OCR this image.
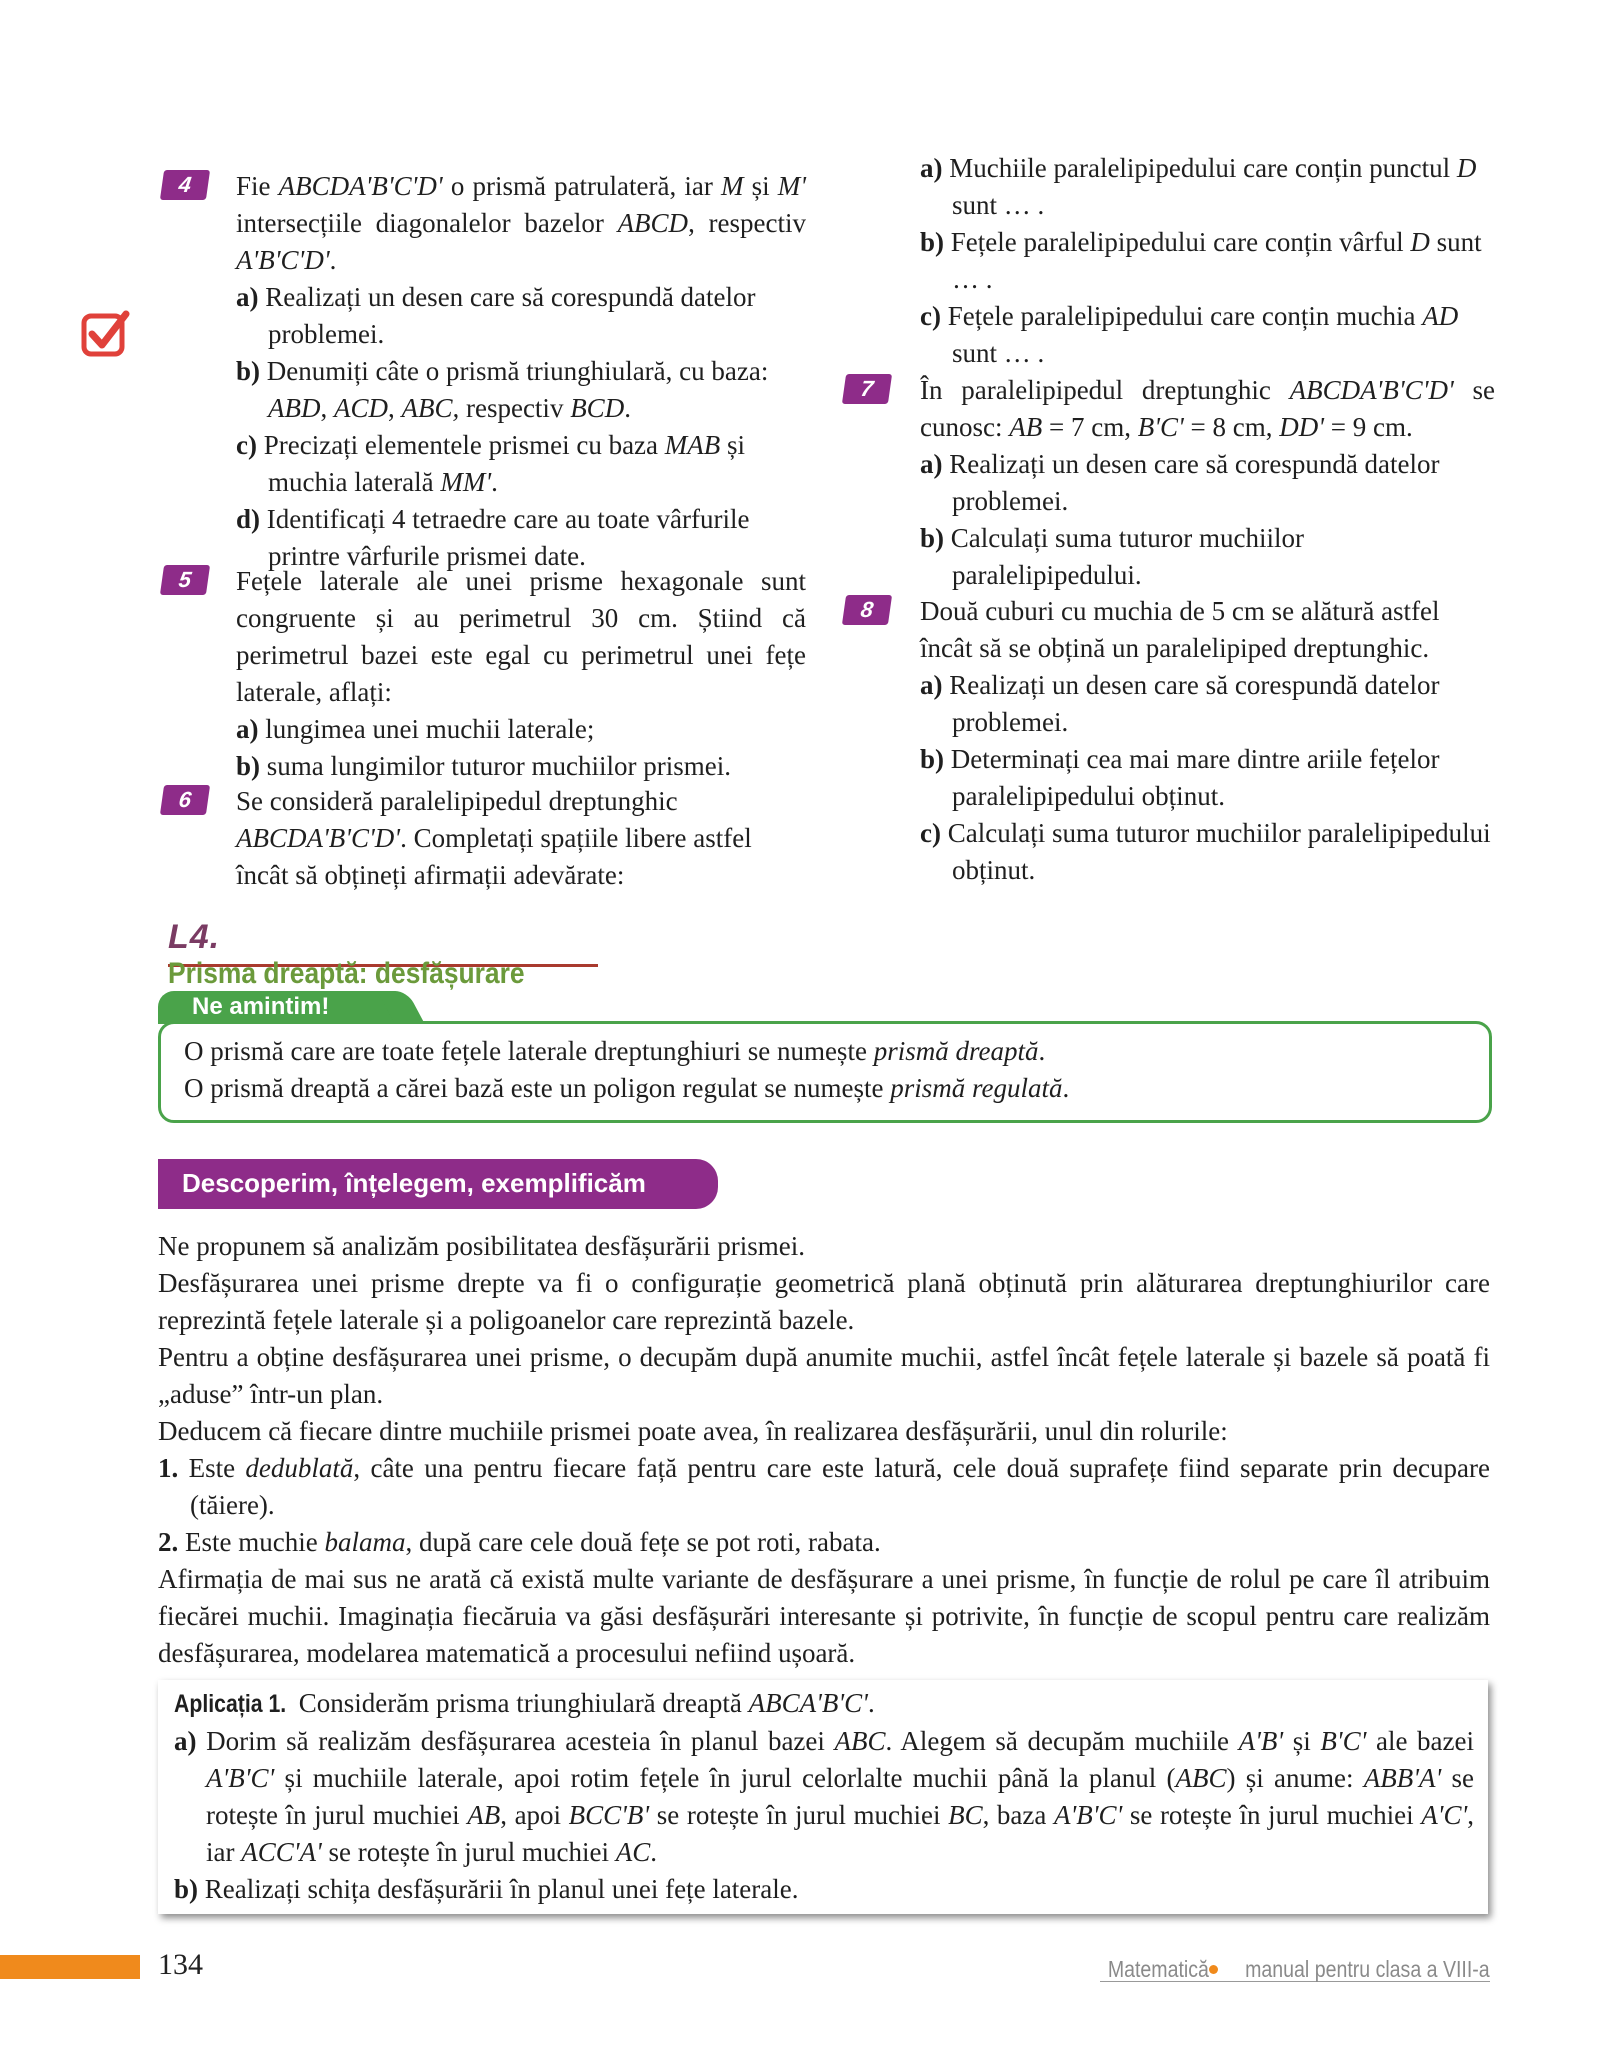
4	Fie ABCDA'B'C'D' o prismă patrulateră, iar M și M' intersecțiile diagonalelor bazelor ABCD, respectiv A'B'C'D'.

a) Realizați un desen care să corespundă datelor problemei.

b) Denumiți câte o prismă triunghiulară, cu baza: ABD, ACD, ABC, respectiv BCD.

c) Precizați elementele prismei cu baza MAB și muchia laterală MM'.

d) Identificați 4 tetraedre care au toate vârfurile printre vârfurile prismei date.

5	Fețele laterale ale unei prisme hexagonale sunt congruente și au perimetrul 30 cm. Știind că perimetrul bazei este egal cu perimetrul unei fețe laterale, aflați:

a) lungimea unei muchii laterale;

b) suma lungimilor tuturor muchiilor prismei.

6	Se consideră paralelipipedul dreptunghic
ABCDA'B'C'D'. Completați spațiile libere astfel încât să obțineți afirmații adevărate:

a) Muchiile paralelipipedului care conțin punctul D sunt … .

b) Fețele paralelipipedului care conțin vârful D sunt … .

c) Fețele paralelipipedului care conțin muchia AD sunt … .

7	În paralelipipedul dreptunghic ABCDA'B'C'D' se cunosc: AB = 7 cm, B'C' = 8 cm, DD' = 9 cm.

a) Realizați un desen care să corespundă datelor problemei.

b) Calculați suma tuturor muchiilor paralelipipedului.

8	Două cuburi cu muchia de 5 cm se alătură astfel încât să se obțină un paralelipiped dreptunghic.

a) Realizați un desen care să corespundă datelor problemei.

b) Determinați cea mai mare dintre ariile fețelor paralelipipedului obținut.

c) Calculați suma tuturor muchiilor paralelipipedului obținut.

L4. Prisma dreaptă: desfășurare
Ne amintim!

O prismă care are toate fețele laterale dreptunghiuri se numește prismă dreaptă.

O prismă dreaptă a cărei bază este un poligon regulat se numește prismă regulată.

Descoperim, înțelegem, exemplificăm

Ne propunem să analizăm posibilitatea desfășurării prismei.

Desfășurarea unei prisme drepte va fi o configurație geometrică plană obținută prin alăturarea dreptunghiurilor care reprezintă fețele laterale și a poligoanelor care reprezintă bazele.

Pentru a obține desfășurarea unei prisme, o decupăm după anumite muchii, astfel încât fețele laterale și bazele să poată fi „aduse” într-un plan.

Deducem că fiecare dintre muchiile prismei poate avea, în realizarea desfășurării, unul din rolurile:

1. Este dedublată, câte una pentru fiecare față pentru care este latură, cele două suprafețe fiind separate prin decupare (tăiere).

2. Este muchie balama, după care cele două fețe se pot roti, rabata.

Afirmația de mai sus ne arată că există multe variante de desfășurare a unei prisme, în funcție de rolul pe care îl atribuim fiecărei muchii. Imaginația fiecăruia va găsi desfășurări interesante și potrivite, în funcție de scopul pentru care realizăm desfășurarea, modelarea matematică a procesului nefiind ușoară.

Aplicația 1. Considerăm prisma triunghiulară dreaptă ABCA'B'C'.

a) Dorim să realizăm desfășurarea acesteia în planul bazei ABC. Alegem să decupăm muchiile A'B' și B'C' ale bazei A'B'C' și muchiile laterale, apoi rotim fețele în jurul celorlalte muchii până la planul (ABC) și anume: ABB'A' se rotește în jurul muchiei AB, apoi BCC'B' se rotește în jurul muchiei BC, baza A'B'C' se rotește în jurul muchiei A'C', iar ACC'A' se rotește în jurul muchiei AC.

b) Realizați schița desfășurării în planul unei fețe laterale.

134	Matematică manual pentru clasa a VIII-a
